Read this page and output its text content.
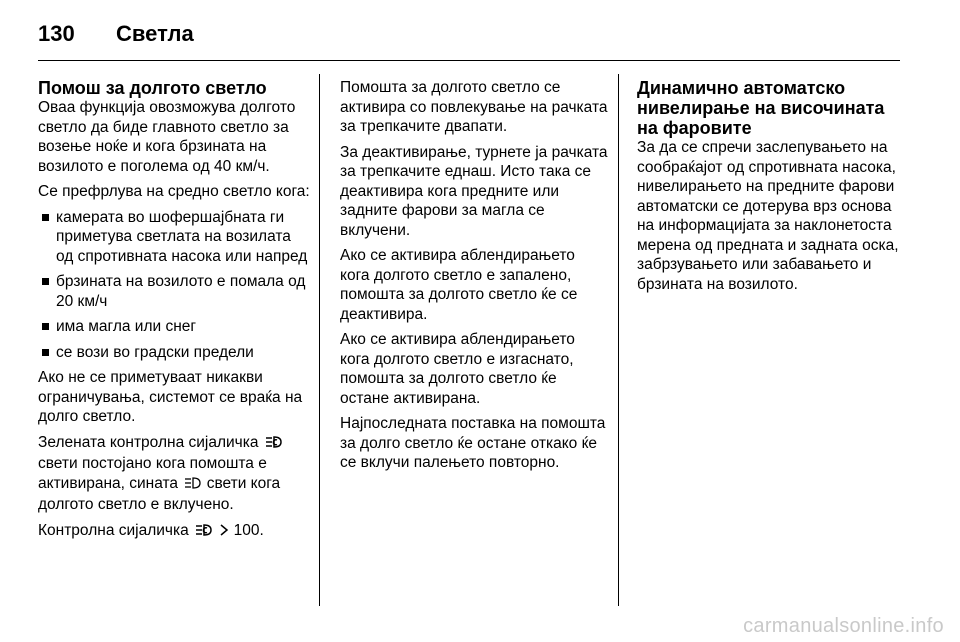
130	Светла
Помош за долгото светло

Оваа функција овозможува долгото светло да биде главното светло за возење ноќе и кога брзината на возилото е поголема од 40 км/ч.

Се префрлува на средно светло кога:

камерата во шофершајбната ги приметува светлата на возилата од спротивната насока или напред
брзината на возилото е помала од 20 км/ч
има магла или снег
се вози во градски предели

Ако не се приметуваат никакви ограничувања, системот се враќа на долго светло.

Зелената контролна сијаличка  свети постојано кога помошта е активирана, сината свети кога долгото светло е вклучено.

Контролна сијаличка	100.

Помошта за долгото светло се активира со повлекување на рачката за трепкачите двапати.

За деактивирање, турнете ја рачката за трепкачите еднаш. Исто така се деактивира кога предните или задните фарови за магла се вклучени.

Ако се активира аблендирањето кога долгото светло е запалено, помошта за долгото светло ќе се деактивира.

Ако се активира аблендирањето кога долгото светло е изгаснато, помошта за долгото светло ќе остане активирана.

Најпоследната поставка на помошта за долго светло ќе остане откако ќе се вклучи палењето повторно.

Динамично автоматско нивелирање на височината на фаровите

За да се спречи заслепувањето на сообраќајот од спротивната насока, нивелирањето на предните фарови автоматски се дотерува врз основа на информацијата за наклонетоста мерена од предната и задната оска, забрзувањето или забавањето и брзината на возилото.

carmanualsonline.info
